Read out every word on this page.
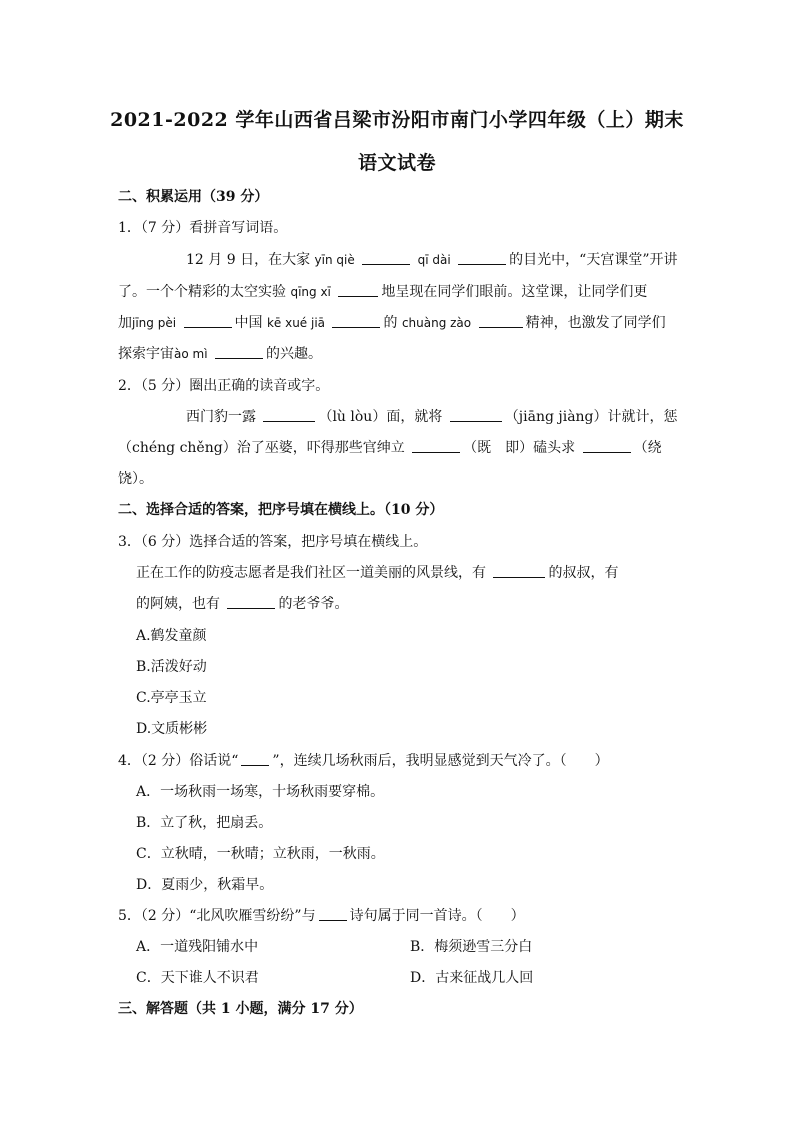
2021-2022 学年山西省吕梁市汾阳市南门小学四年级（上）期末
语文试卷
二、积累运用（39 分）
1．（7 分）看拼音写词语。
12 月 9 日，在大家 yīn qiè	qī dài	的目光中，“天宫课堂”开讲
了。一个个精彩的太空实验 qīng xī	地呈现在同学们眼前。这堂课，让同学们更
加jīng pèi	中国 kē xué jiā	的 chuàng zào	精神，也激发了同学们
探索宇宙ào mì	的兴趣。
2．（5 分）圈出正确的读音或字。
西门豹一露	（lù lòu）面，就将	（jiāng jiàng）计就计，惩
（chéng chěng）治了巫婆，吓得那些官绅立	（既　即）磕头求	（绕
饶）。
二、选择合适的答案，把序号填在横线上。（10 分）
3．（6 分）选择合适的答案，把序号填在横线上。
正在工作的防疫志愿者是我们社区一道美丽的风景线，有	的叔叔，有
的阿姨，也有	的老爷爷。
A.鹤发童颜
B.活泼好动
C.亭亭玉立
D.文质彬彬
4．（2 分）俗话说“ ”，连续几场秋雨后，我明显感觉到天气冷了。（　　）
A．一场秋雨一场寒，十场秋雨要穿棉。
B．立了秋，把扇丢。
C．立秋晴，一秋晴；立秋雨，一秋雨。
D．夏雨少，秋霜早。
5．（2 分）“北风吹雁雪纷纷”与 诗句属于同一首诗。（　　）
A．一道残阳铺水中	B．梅须逊雪三分白
C．天下谁人不识君	D．古来征战几人回
三、解答题（共 1 小题，满分 17 分）
